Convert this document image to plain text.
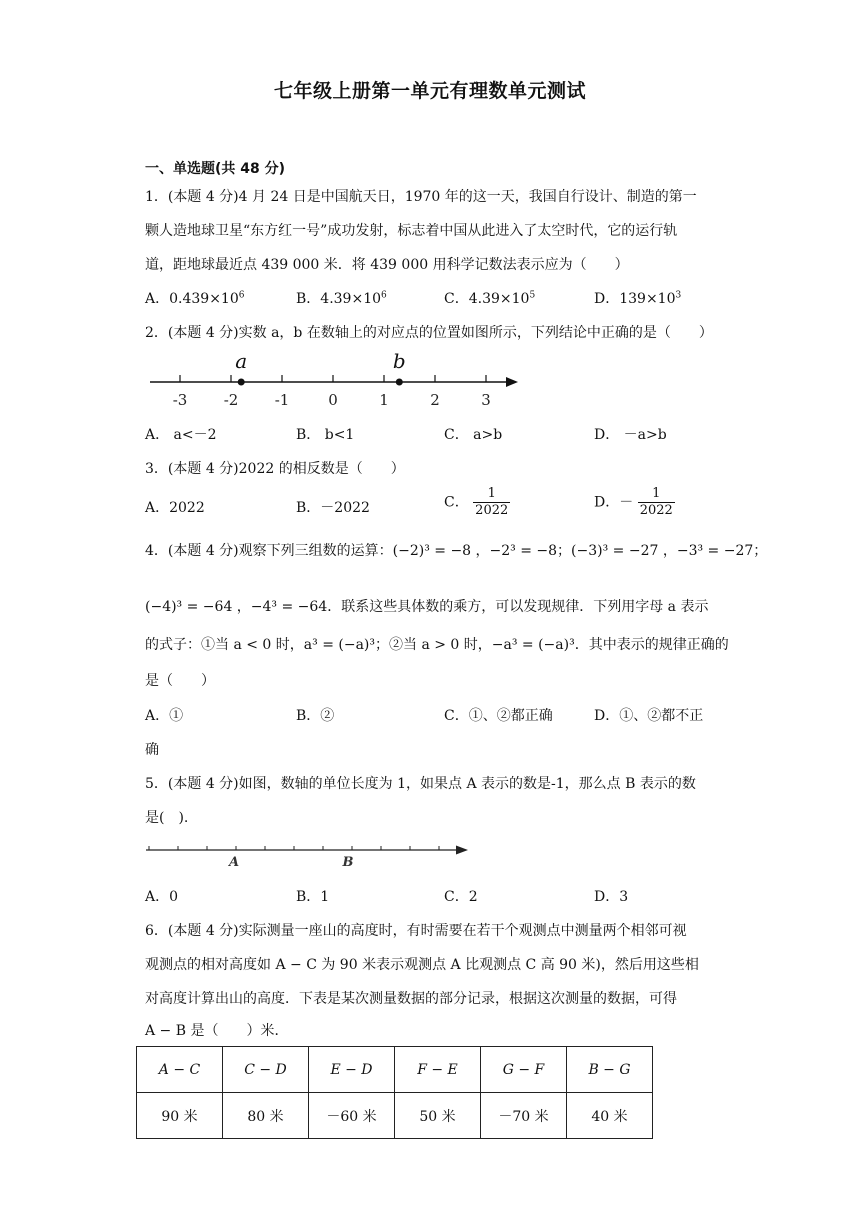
七年级上册第一单元有理数单元测试
一、单选题(共 48 分)
1．(本题 4 分)4 月 24 日是中国航天日，1970 年的这一天，我国自行设计、制造的第一
颗人造地球卫星“东方红一号”成功发射，标志着中国从此进入了太空时代，它的运行轨
道，距地球最近点 439 000 米．将 439 000 用科学记数法表示应为（　　）
A．$0.439\times 10^6$	B．$4.39\times 10^6$	C．$4.39\times 10^5$	D．$139\times 10^3$
2．(本题 4 分)实数 a，b 在数轴上的对应点的位置如图所示，下列结论中正确的是（　　）
-3 -2 -1	0	1	2	3
a	b
A． a<－2	B． b<1	C． a>b	D． －a>b
3．(本题 4 分)2022 的相反数是（　　）
A．2022	B．－2022	C． $\frac{1}{2022}$	D．－ $\frac{1}{2022}$
4．(本题 4 分)观察下列三组数的运算：(−2)³ = −8 ，−2³ = −8；(−3)³ = −27 ，−3³ = −27；
(−4)³ = −64 ，−4³ = −64．联系这些具体数的乘方，可以发现规律．下列用字母 a 表示
的式子：①当 a < 0 时，a³ = (−a)³；②当 a > 0 时，−a³ = (−a)³．其中表示的规律正确的
是（　　）
A．①	B．②	C．①、②都正确	D．①、②都不正
确
5．(本题 4 分)如图，数轴的单位长度为 1，如果点 A 表示的数是-1，那么点 B 表示的数
是(　).
A	B
A．0	B．1	C．2	D．3
6．(本题 4 分)实际测量一座山的高度时，有时需要在若干个观测点中测量两个相邻可视
观测点的相对高度如 A − C 为 90 米表示观测点 A 比观测点 C 高 90 米)，然后用这些相
对高度计算出山的高度．下表是某次测量数据的部分记录，根据这次测量的数据，可得
A − B 是（　　）米．
A − C	C − D	E − D	F − E	G − F	B − G
90 米	80 米	－60 米	50 米	－70 米	40 米
